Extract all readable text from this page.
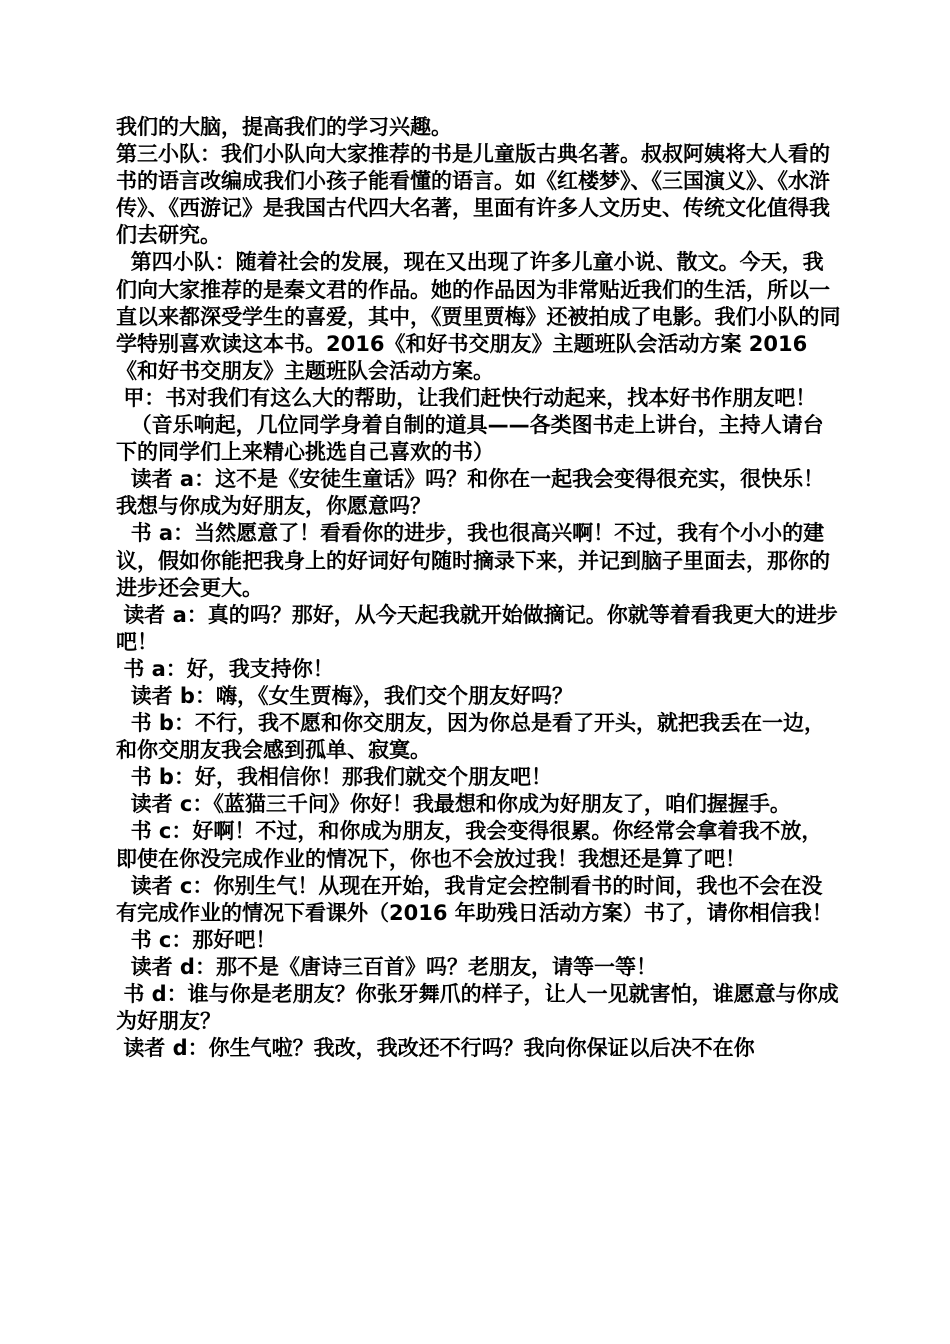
我们的大脑，提高我们的学习兴趣。

第三小队：我们小队向大家推荐的书是儿童版古典名著。叔叔阿姨将大人看的书的语言改编成我们小孩子能看懂的语言。如《红楼梦》、《三国演义》、《水浒传》、《西游记》是我国古代四大名著，里面有许多人文历史、传统文化值得我们去研究。

第四小队：随着社会的发展，现在又出现了许多儿童小说、散文。今天，我们向大家推荐的是秦文君的作品。她的作品因为非常贴近我们的生活，所以一直以来都深受学生的喜爱，其中，《贾里贾梅》还被拍成了电影。我们小队的同学特别喜欢读这本书。2016《和好书交朋友》主题班队会活动方案 2016《和好书交朋友》主题班队会活动方案。

甲：书对我们有这么大的帮助，让我们赶快行动起来，找本好书作朋友吧！

（音乐响起，几位同学身着自制的道具——各类图书走上讲台，主持人请台下的同学们上来精心挑选自己喜欢的书）

读者 a：这不是《安徒生童话》吗？和你在一起我会变得很充实，很快乐！我想与你成为好朋友，你愿意吗？

书 a：当然愿意了！看看你的进步，我也很高兴啊！不过，我有个小小的建议，假如你能把我身上的好词好句随时摘录下来，并记到脑子里面去，那你的进步还会更大。

读者 a：真的吗？那好，从今天起我就开始做摘记。你就等着看我更大的进步吧！

书 a：好，我支持你！

读者 b：嗨，《女生贾梅》，我们交个朋友好吗？

书 b：不行，我不愿和你交朋友，因为你总是看了开头，就把我丢在一边，和你交朋友我会感到孤单、寂寞。

书 b：好，我相信你！那我们就交个朋友吧！

读者 c：《蓝猫三千问》你好！我最想和你成为好朋友了，咱们握握手。

书 c：好啊！不过，和你成为朋友，我会变得很累。你经常会拿着我不放，即使在你没完成作业的情况下，你也不会放过我！我想还是算了吧！

读者 c：你别生气！从现在开始，我肯定会控制看书的时间，我也不会在没有完成作业的情况下看课外（2016 年助残日活动方案）书了，请你相信我！

书 c：那好吧！

读者 d：那不是《唐诗三百首》吗？老朋友，请等一等！

书 d：谁与你是老朋友？你张牙舞爪的样子，让人一见就害怕，谁愿意与你成为好朋友？

读者 d：你生气啦？我改，我改还不行吗？我向你保证以后决不在你
